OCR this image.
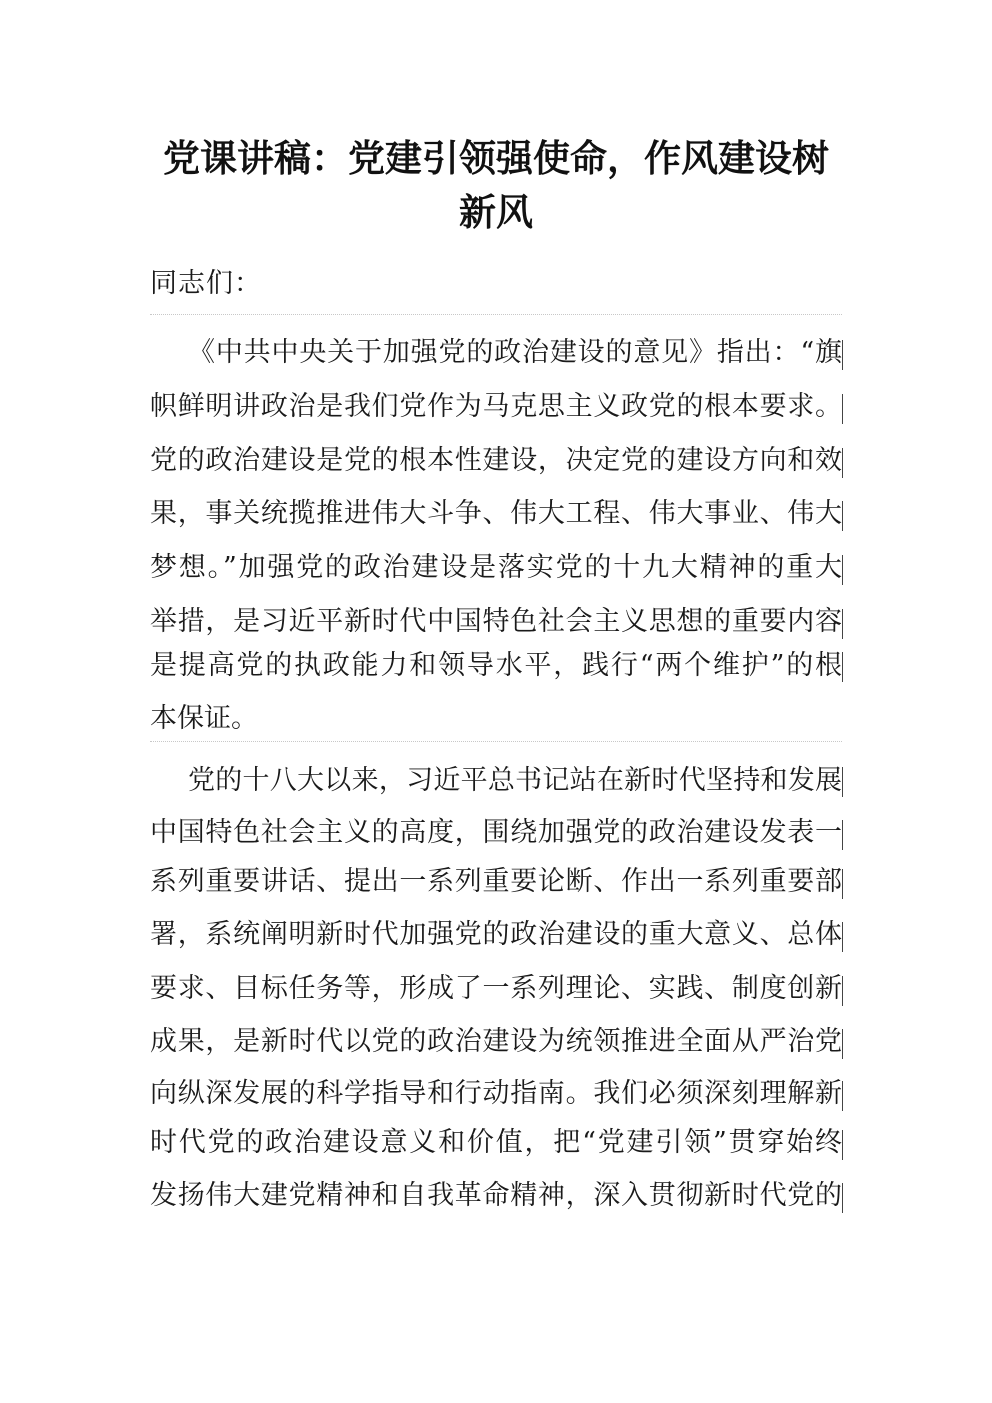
党课讲稿：党建引领强使命，作风建设树
新风

同志们：

《中共中央关于加强党的政治建设的意见》指出：“旗

帜鲜明讲政治是我们党作为马克思主义政党的根本要求。

党的政治建设是党的根本性建设，决定党的建设方向和效

果，事关统揽推进伟大斗争、伟大工程、伟大事业、伟大

梦想。”加强党的政治建设是落实党的十九大精神的重大

举措，是习近平新时代中国特色社会主义思想的重要内容

是提高党的执政能力和领导水平，践行“两个维护”的根

本保证。

党的十八大以来，习近平总书记站在新时代坚持和发展

中国特色社会主义的高度，围绕加强党的政治建设发表一

系列重要讲话、提出一系列重要论断、作出一系列重要部

署，系统阐明新时代加强党的政治建设的重大意义、总体

要求、目标任务等，形成了一系列理论、实践、制度创新

成果，是新时代以党的政治建设为统领推进全面从严治党

向纵深发展的科学指导和行动指南。我们必须深刻理解新

时代党的政治建设意义和价值，把“党建引领”贯穿始终

发扬伟大建党精神和自我革命精神，深入贯彻新时代党的
